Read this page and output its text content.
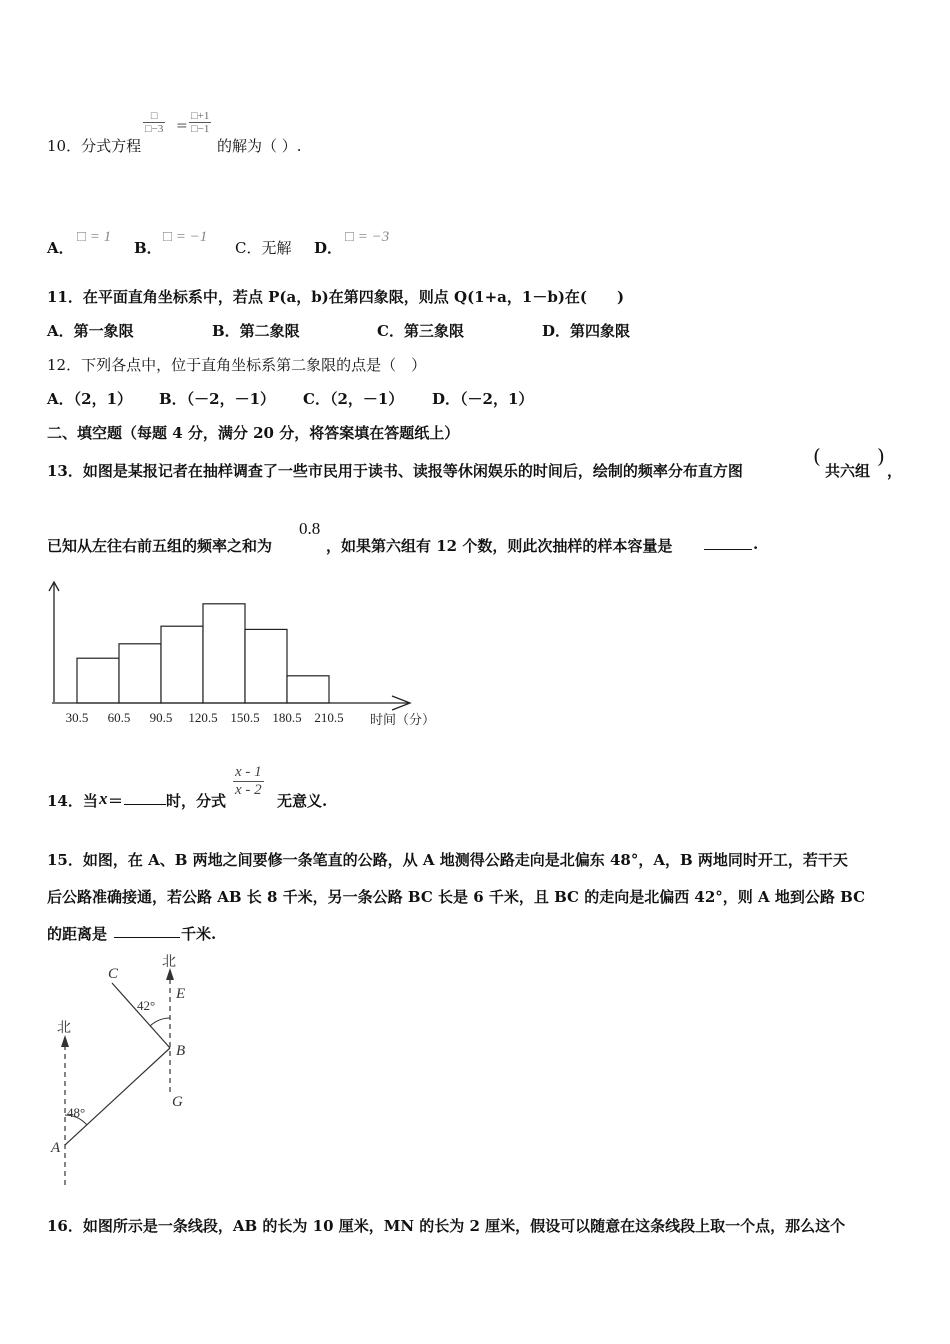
10．分式方程
□
□−3 = $\frac{□+1}{□-1}$
的解为（ ）.
A．
□ = 1
B．
□ = −1
C．无解 D．
□ = −3
11．在平面直角坐标系中，若点 P(a，b)在第四象限，则点 Q(1+a，1－b)在(　　)
A．第一象限	B．第二象限	C．第三象限	D．第四象限
12．下列各点中，位于直角坐标系第二象限的点是（　）
A．（2，1） B．（－2，－1） C．（2，－1） D．（－2，1）
二、填空题（每题 4 分，满分 20 分，将答案填在答题纸上）
13．如图是某报记者在抽样调查了一些市民用于读书、读报等休闲娱乐的时间后，绘制的频率分布直方图
(
共六组
)
，
已知从左往右前五组的频率之和为
0.8
，如果第六组有 12 个数，则此次抽样的样本容量是	.
30.5 60.5 90.5 120.5 150.5 180.5 210.5 时间（分）
14．当 x ＝	时，分式
$\frac{x - 1}{x - 2}$
无意义.
15．如图，在 A、B 两地之间要修一条笔直的公路，从 A 地测得公路走向是北偏东 48°，A，B 两地同时开工，若干天
后公路准确接通，若公路 AB 长 8 千米，另一条公路 BC 长是 6 千米，且 BC 的走向是北偏西 42°，则 A 地到公路 BC
的距离是	千米.
北
北
C
E
B
G
A
42°
48°
16．如图所示是一条线段，AB 的长为 10 厘米，MN 的长为 2 厘米，假设可以随意在这条线段上取一个点，那么这个
